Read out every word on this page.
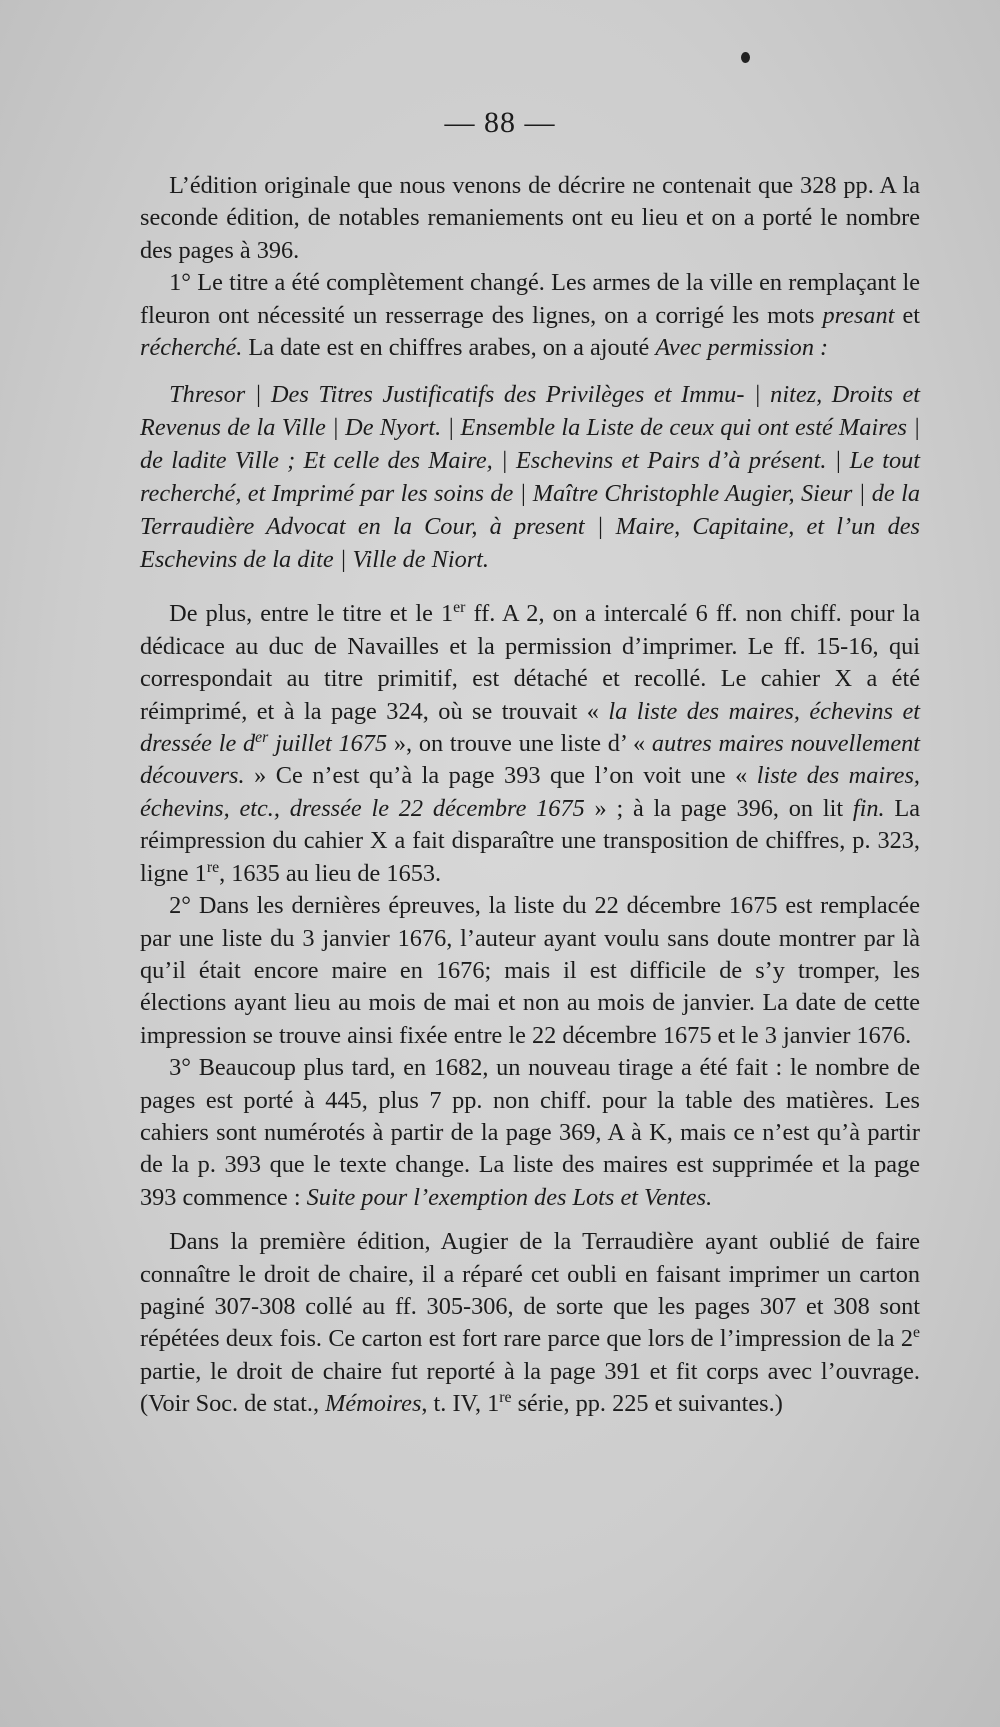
— 88 —

L’édition originale que nous venons de décrire ne contenait que 328 pp. A la seconde édition, de notables remaniements ont eu lieu et on a porté le nombre des pages à 396.

1° Le titre a été complètement changé. Les armes de la ville en remplaçant le fleuron ont nécessité un resserrage des lignes, on a corrigé les mots presant et récherché. La date est en chiffres arabes, on a ajouté Avec permission :

Thresor | Des Titres Justificatifs des Privilèges et Immu- | nitez, Droits et Revenus de la Ville | De Nyort. | Ensemble la Liste de ceux qui ont esté Maires | de ladite Ville ; Et celle des Maire, | Eschevins et Pairs d’à présent. | Le tout recherché, et Imprimé par les soins de | Maître Christophle Augier, Sieur | de la Terraudière Advocat en la Cour, à present | Maire, Capitaine, et l’un des Eschevins de la dite | Ville de Niort.

De plus, entre le titre et le 1er ff. A 2, on a intercalé 6 ff. non chiff. pour la dédicace au duc de Navailles et la permission d’imprimer. Le ff. 15-16, qui correspondait au titre primitif, est détaché et recollé. Le cahier X a été réimprimé, et à la page 324, où se trouvait « la liste des maires, échevins et dressée le $d^{er}$ juillet 1675 », on trouve une liste d’ « autres maires nouvellement découvers. » Ce n’est qu’à la page 393 que l’on voit une « liste des maires, échevins, etc., dressée le 22 décembre 1675 » ; à la page 396, on lit fin. La réimpression du cahier X a fait disparaître une transposition de chiffres, p. 323, ligne 1re, 1635 au lieu de 1653.

2° Dans les dernières épreuves, la liste du 22 décembre 1675 est remplacée par une liste du 3 janvier 1676, l’auteur ayant voulu sans doute montrer par là qu’il était encore maire en 1676; mais il est difficile de s’y tromper, les élections ayant lieu au mois de mai et non au mois de janvier. La date de cette impression se trouve ainsi fixée entre le 22 décembre 1675 et le 3 janvier 1676.

3° Beaucoup plus tard, en 1682, un nouveau tirage a été fait : le nombre de pages est porté à 445, plus 7 pp. non chiff. pour la table des matières. Les cahiers sont numérotés à partir de la page 369, A à K, mais ce n’est qu’à partir de la p. 393 que le texte change. La liste des maires est supprimée et la page 393 commence : Suite pour l’exemption des Lots et Ventes.

Dans la première édition, Augier de la Terraudière ayant oublié de faire connaître le droit de chaire, il a réparé cet oubli en faisant imprimer un carton paginé 307-308 collé au ff. 305-306, de sorte que les pages 307 et 308 sont répétées deux fois. Ce carton est fort rare parce que lors de l’impression de la 2e partie, le droit de chaire fut reporté à la page 391 et fit corps avec l’ouvrage. (Voir Soc. de stat., Mémoires, t. IV, 1re série, pp. 225 et suivantes.)
